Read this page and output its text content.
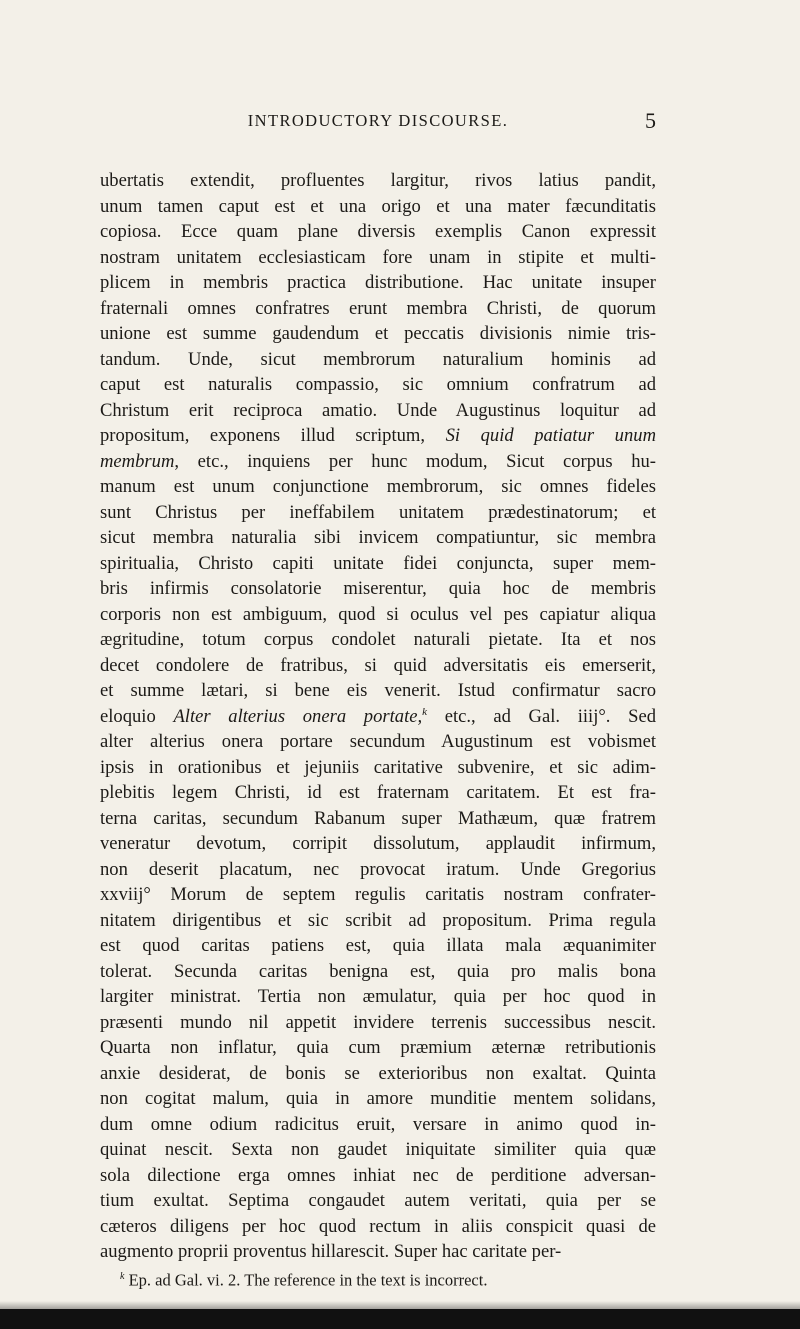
INTRODUCTORY DISCOURSE.	5
ubertatis extendit, profluentes largitur, rivos latius pandit,
unum tamen caput est et una origo et una mater fæcunditatis
copiosa. Ecce quam plane diversis exemplis Canon expressit
nostram unitatem ecclesiasticam fore unam in stipite et multi-
plicem in membris practica distributione. Hac unitate insuper
fraternali omnes confratres erunt membra Christi, de quorum
unione est summe gaudendum et peccatis divisionis nimie tris-
tandum. Unde, sicut membrorum naturalium hominis ad
caput est naturalis compassio, sic omnium confratrum ad
Christum erit reciproca amatio. Unde Augustinus loquitur ad
propositum, exponens illud scriptum, Si quid patiatur unum
membrum, etc., inquiens per hunc modum, Sicut corpus hu-
manum est unum conjunctione membrorum, sic omnes fideles
sunt Christus per ineffabilem unitatem prædestinatorum; et
sicut membra naturalia sibi invicem compatiuntur, sic membra
spiritualia, Christo capiti unitate fidei conjuncta, super mem-
bris infirmis consolatorie miserentur, quia hoc de membris
corporis non est ambiguum, quod si oculus vel pes capiatur aliqua
ægritudine, totum corpus condolet naturali pietate. Ita et nos
decet condolere de fratribus, si quid adversitatis eis emerserit,
et summe lætari, si bene eis venerit. Istud confirmatur sacro
eloquio Alter alterius onera portate,$^k$ etc., ad Gal. iiij°. Sed
alter alterius onera portare secundum Augustinum est vobismet
ipsis in orationibus et jejuniis caritative subvenire, et sic adim-
plebitis legem Christi, id est fraternam caritatem. Et est fra-
terna caritas, secundum Rabanum super Mathæum, quæ fratrem
veneratur devotum, corripit dissolutum, applaudit infirmum,
non deserit placatum, nec provocat iratum. Unde Gregorius
xxviij° Morum de septem regulis caritatis nostram confrater-
nitatem dirigentibus et sic scribit ad propositum. Prima regula
est quod caritas patiens est, quia illata mala æquanimiter
tolerat. Secunda caritas benigna est, quia pro malis bona
largiter ministrat. Tertia non æmulatur, quia per hoc quod in
præsenti mundo nil appetit invidere terrenis successibus nescit.
Quarta non inflatur, quia cum præmium æternæ retributionis
anxie desiderat, de bonis se exterioribus non exaltat. Quinta
non cogitat malum, quia in amore munditie mentem solidans,
dum omne odium radicitus eruit, versare in animo quod in-
quinat nescit. Sexta non gaudet iniquitate similiter quia quæ
sola dilectione erga omnes inhiat nec de perditione adversan-
tium exultat. Septima congaudet autem veritati, quia per se
cæteros diligens per hoc quod rectum in aliis conspicit quasi de
augmento proprii proventus hillarescit. Super hac caritate per-
$^k$ Ep. ad Gal. vi. 2. The reference in the text is incorrect.
